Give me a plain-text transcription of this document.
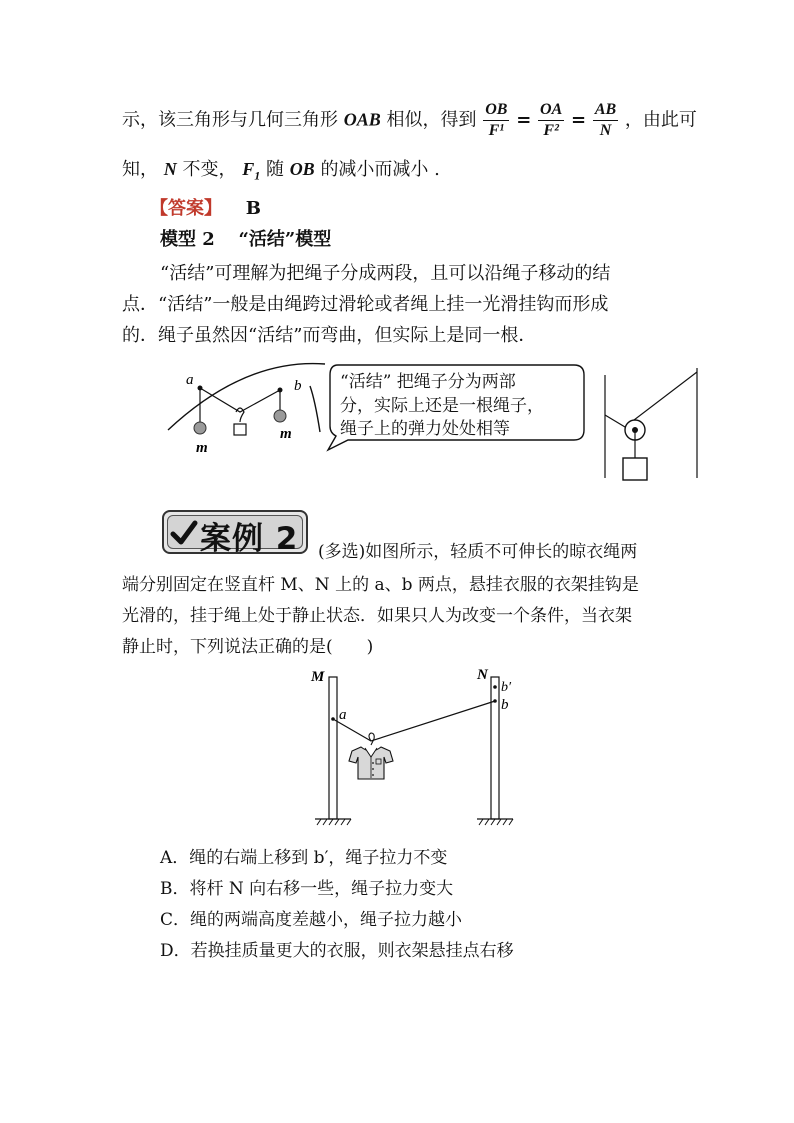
示，该三角形与几何三角形 OAB 相似，得到 $\frac{OB}{\text{F¹}} = \frac{OA}{\text{F²}} = \frac{AB}{N}$ ，由此可
知， N 不变， $F_1$ 随 OB 的减小而减小 .
【答案】 B
模型 2 “活结”模型
“活结”可理解为把绳子分成两段，且可以沿绳子移动的结
点．“活结”一般是由绳跨过滑轮或者绳上挂一光滑挂钩而形成
的．绳子虽然因“活结”而弯曲，但实际上是同一根．
a	b
m
m
“活结” 把绳子分为两部
分，实际上还是一根绳子，
绳子上的弹力处处相等
案例 2 (多选)如图所示，轻质不可伸长的晾衣绳两
端分别固定在竖直杆 M、N 上的 a、b 两点，悬挂衣服的衣架挂钩是
光滑的，挂于绳上处于静止状态．如果只人为改变一个条件，当衣架
静止时，下列说法正确的是(　　)
M	N
a
b′
b
A．绳的右端上移到 b′，绳子拉力不变
B．将杆 N 向右移一些，绳子拉力变大
C．绳的两端高度差越小，绳子拉力越小
D．若换挂质量更大的衣服，则衣架悬挂点右移
